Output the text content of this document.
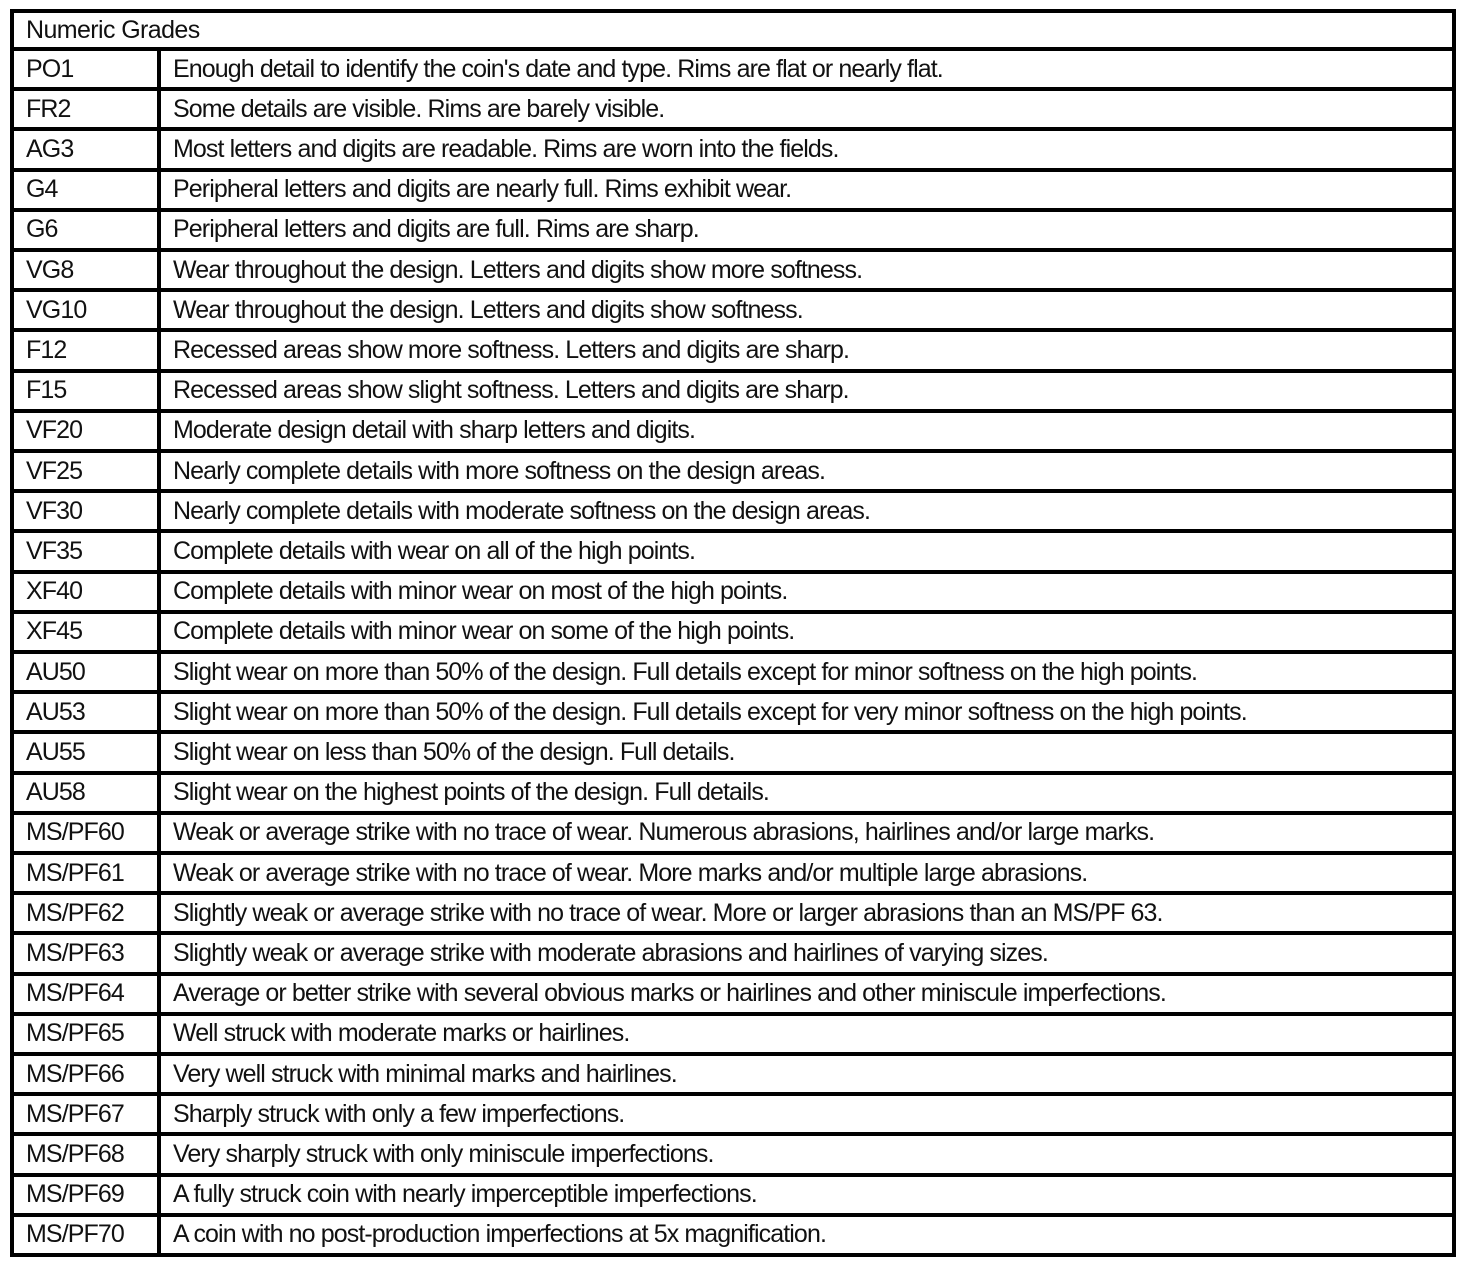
Numeric Grades
PO1	Enough detail to identify the coin's date and type. Rims are flat or nearly flat.
FR2	Some details are visible. Rims are barely visible.
AG3	Most letters and digits are readable. Rims are worn into the fields.
G4	Peripheral letters and digits are nearly full. Rims exhibit wear.
G6	Peripheral letters and digits are full. Rims are sharp.
VG8	Wear throughout the design. Letters and digits show more softness.
VG10	Wear throughout the design. Letters and digits show softness.
F12	Recessed areas show more softness. Letters and digits are sharp.
F15	Recessed areas show slight softness. Letters and digits are sharp.
VF20	Moderate design detail with sharp letters and digits.
VF25	Nearly complete details with more softness on the design areas.
VF30	Nearly complete details with moderate softness on the design areas.
VF35	Complete details with wear on all of the high points.
XF40	Complete details with minor wear on most of the high points.
XF45	Complete details with minor wear on some of the high points.
AU50	Slight wear on more than 50% of the design. Full details except for minor softness on the high points.
AU53	Slight wear on more than 50% of the design. Full details except for very minor softness on the high points.
AU55	Slight wear on less than 50% of the design. Full details.
AU58	Slight wear on the highest points of the design. Full details.
MS/PF60	Weak or average strike with no trace of wear. Numerous abrasions, hairlines and/or large marks.
MS/PF61	Weak or average strike with no trace of wear. More marks and/or multiple large abrasions.
MS/PF62	Slightly weak or average strike with no trace of wear. More or larger abrasions than an MS/PF 63.
MS/PF63	Slightly weak or average strike with moderate abrasions and hairlines of varying sizes.
MS/PF64	Average or better strike with several obvious marks or hairlines and other miniscule imperfections.
MS/PF65	Well struck with moderate marks or hairlines.
MS/PF66	Very well struck with minimal marks and hairlines.
MS/PF67	Sharply struck with only a few imperfections.
MS/PF68	Very sharply struck with only miniscule imperfections.
MS/PF69	A fully struck coin with nearly imperceptible imperfections.
MS/PF70	A coin with no post-production imperfections at 5x magnification.
